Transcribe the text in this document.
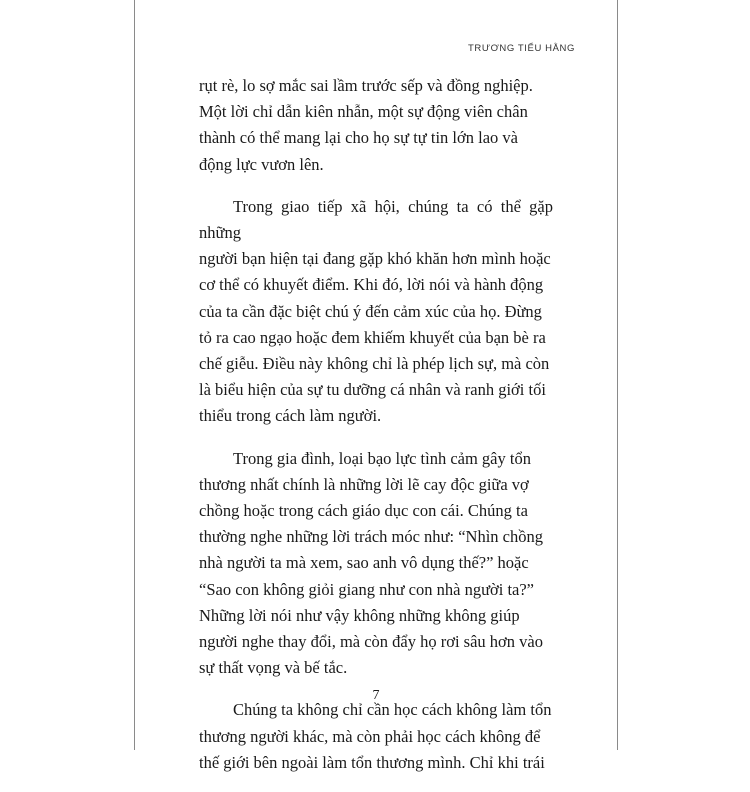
TRƯƠNG TIỂU HẰNG

rụt rè, lo sợ mắc sai lầm trước sếp và đồng nghiệp.
Một lời chỉ dẫn kiên nhẫn, một sự động viên chân
thành có thể mang lại cho họ sự tự tin lớn lao và
động lực vươn lên.

Trong giao tiếp xã hội, chúng ta có thể gặp những
người bạn hiện tại đang gặp khó khăn hơn mình hoặc
cơ thể có khuyết điểm. Khi đó, lời nói và hành động
của ta cần đặc biệt chú ý đến cảm xúc của họ. Đừng
tỏ ra cao ngạo hoặc đem khiếm khuyết của bạn bè ra
chế giễu. Điều này không chỉ là phép lịch sự, mà còn
là biểu hiện của sự tu dưỡng cá nhân và ranh giới tối
thiểu trong cách làm người.

Trong gia đình, loại bạo lực tình cảm gây tổn
thương nhất chính là những lời lẽ cay độc giữa vợ
chồng hoặc trong cách giáo dục con cái. Chúng ta
thường nghe những lời trách móc như: “Nhìn chồng
nhà người ta mà xem, sao anh vô dụng thế?” hoặc
“Sao con không giỏi giang như con nhà người ta?”
Những lời nói như vậy không những không giúp
người nghe thay đổi, mà còn đẩy họ rơi sâu hơn vào
sự thất vọng và bế tắc.

Chúng ta không chỉ cần học cách không làm tổn
thương người khác, mà còn phải học cách không để
thế giới bên ngoài làm tổn thương mình. Chỉ khi trái

7
